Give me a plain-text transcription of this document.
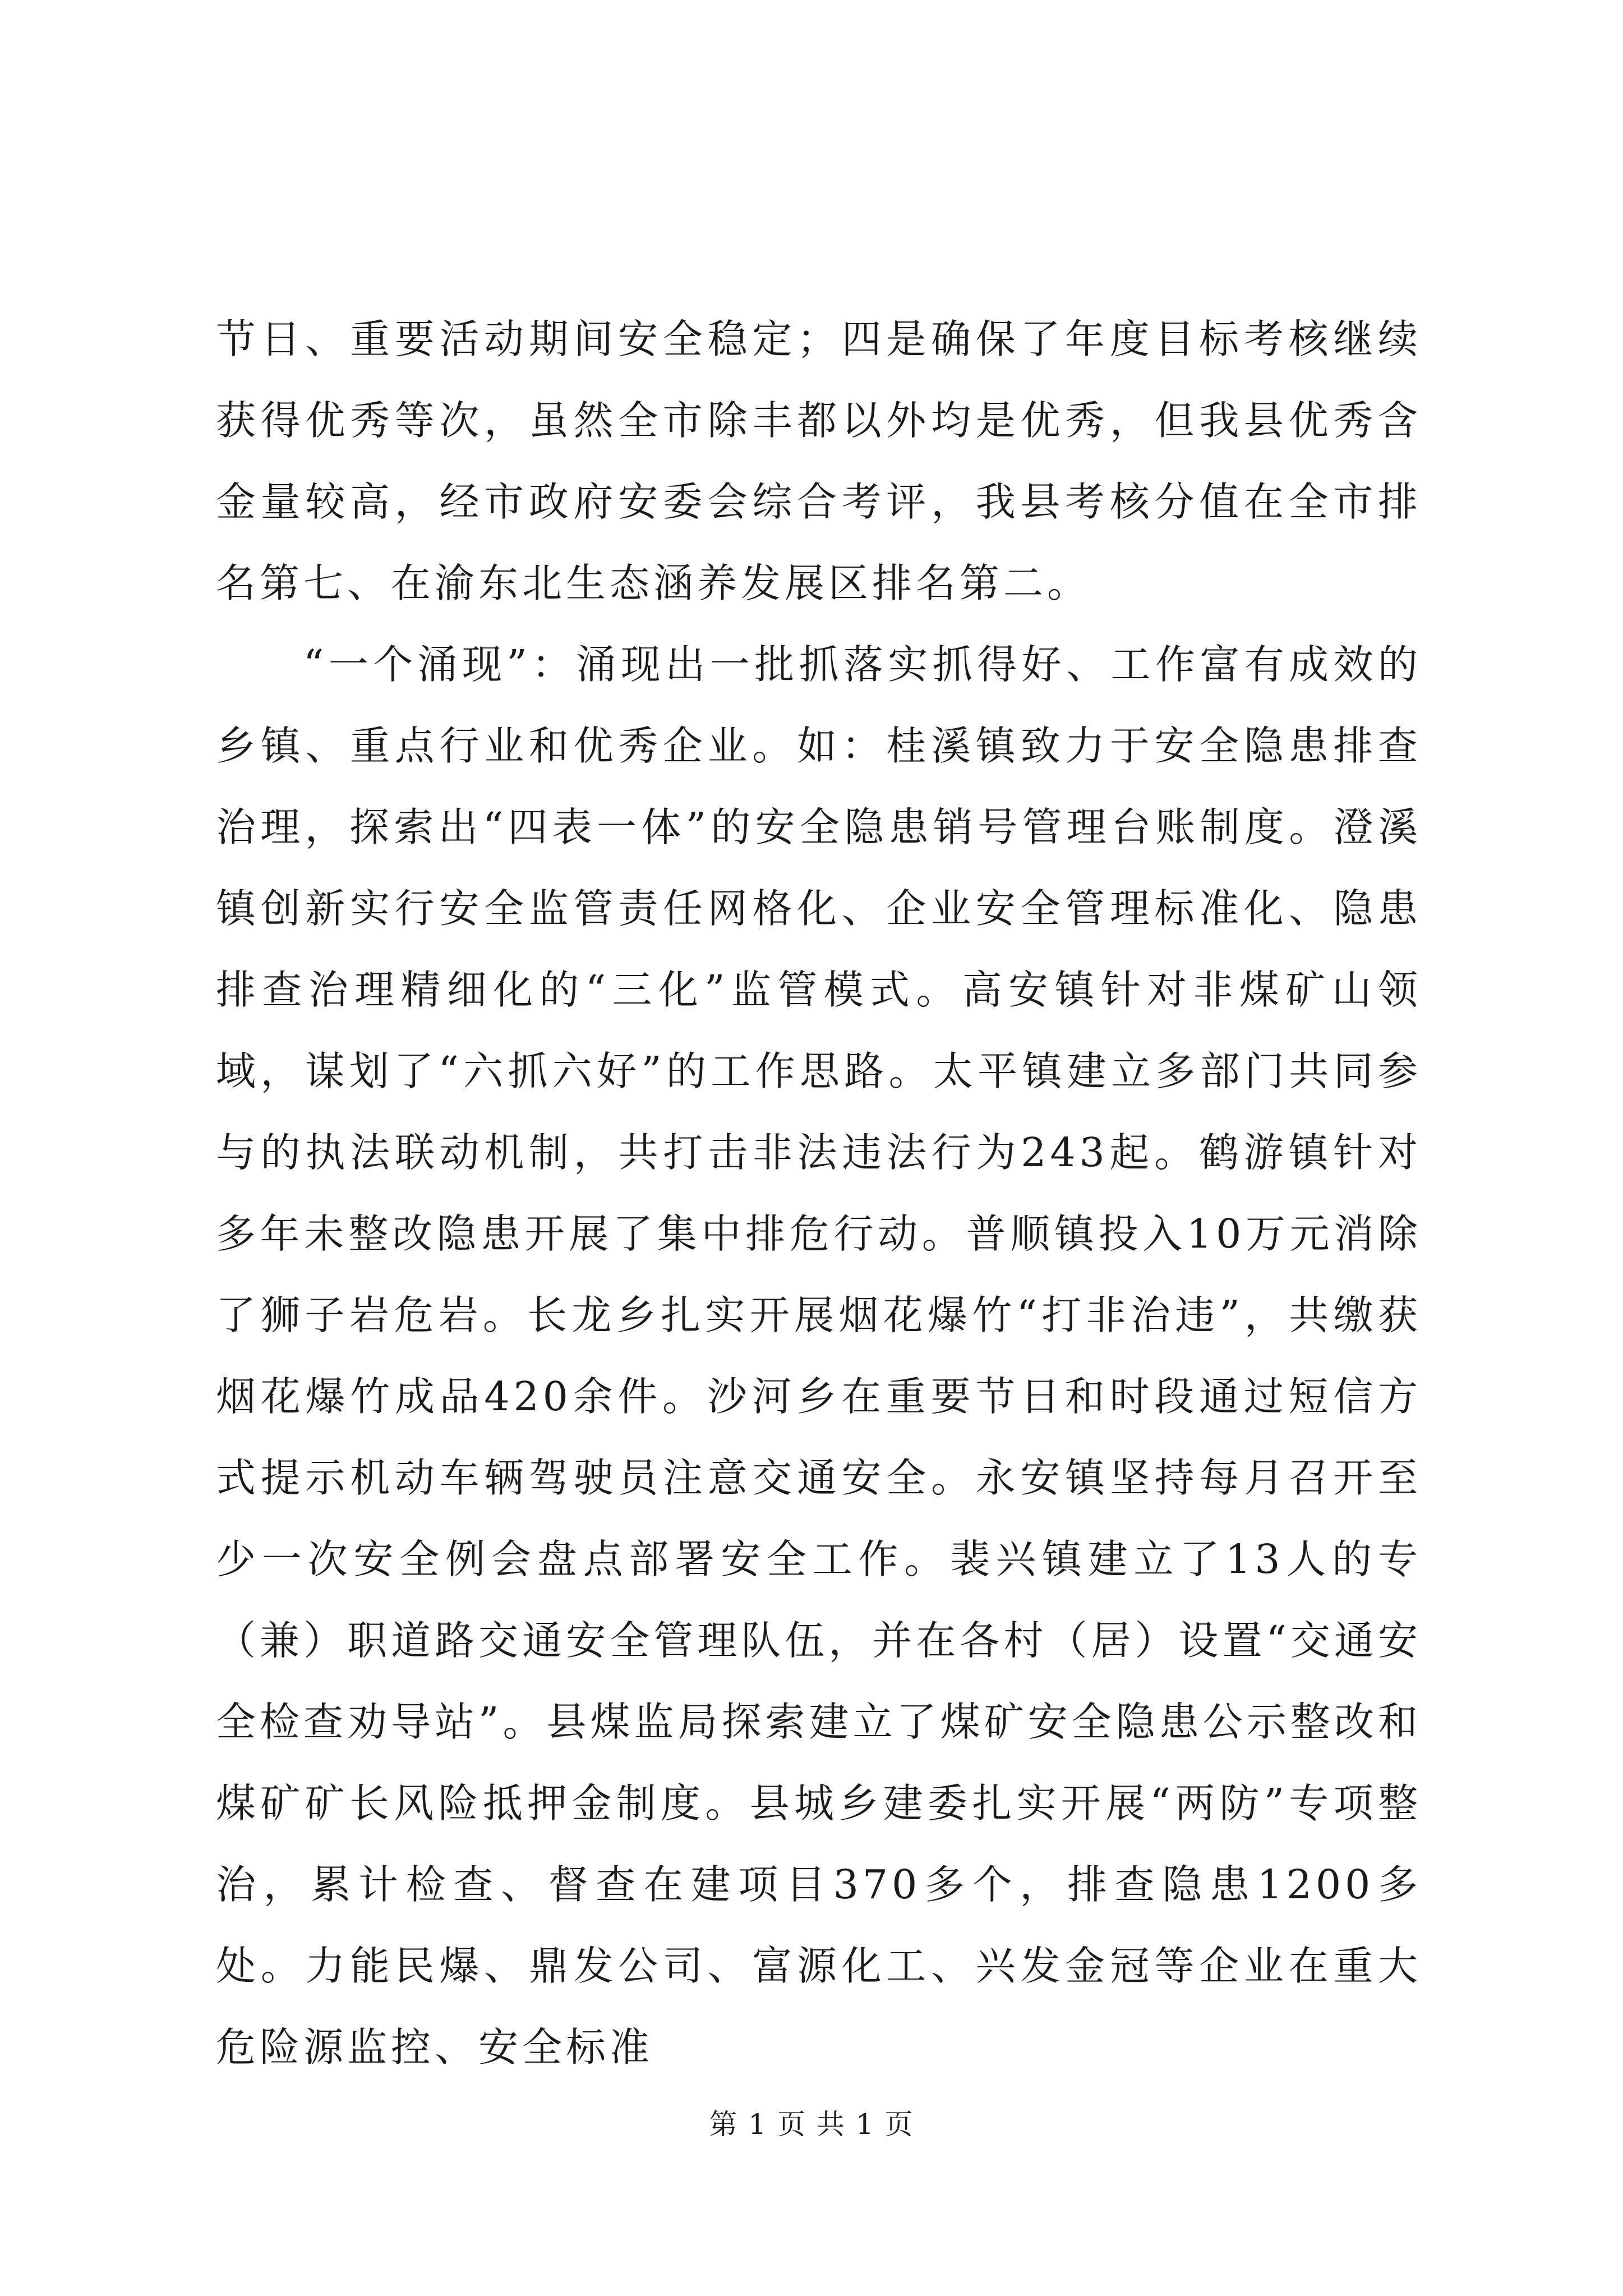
节日、重要活动期间安全稳定；四是确保了年度目标考核继续获得优秀等次，虽然全市除丰都以外均是优秀，但我县优秀含金量较高，经市政府安委会综合考评，我县考核分值在全市排名第七、在渝东北生态涵养发展区排名第二。

“一个涌现”：涌现出一批抓落实抓得好、工作富有成效的乡镇、重点行业和优秀企业。如：桂溪镇致力于安全隐患排查治理，探索出“四表一体”的安全隐患销号管理台账制度。澄溪镇创新实行安全监管责任网格化、企业安全管理标准化、隐患排查治理精细化的“三化”监管模式。高安镇针对非煤矿山领域，谋划了“六抓六好”的工作思路。太平镇建立多部门共同参与的执法联动机制，共打击非法违法行为243起。鹤游镇针对多年未整改隐患开展了集中排危行动。普顺镇投入10万元消除了狮子岩危岩。长龙乡扎实开展烟花爆竹“打非治违”，共缴获烟花爆竹成品420余件。沙河乡在重要节日和时段通过短信方式提示机动车辆驾驶员注意交通安全。永安镇坚持每月召开至少一次安全例会盘点部署安全工作。裴兴镇建立了13人的专（兼）职道路交通安全管理队伍，并在各村（居）设置“交通安全检查劝导站”。县煤监局探索建立了煤矿安全隐患公示整改和煤矿矿长风险抵押金制度。县城乡建委扎实开展“两防”专项整治，累计检查、督查在建项目370多个，排查隐患1200多处。力能民爆、鼎发公司、富源化工、兴发金冠等企业在重大危险源监控、安全标准

第 1 页 共 1 页
